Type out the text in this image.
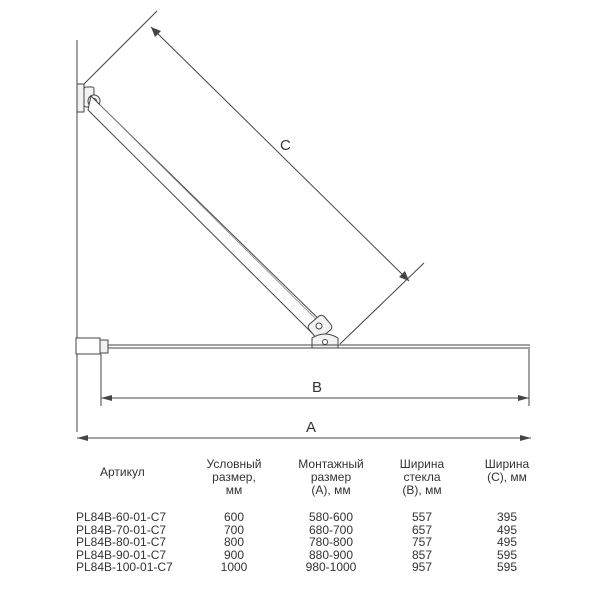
C
B
A
Артикул	Условный
размер,
мм	Монтажный
размер
(А), мм	Ширина
стекла
(В), мм	Ширина
(С), мм

PL84B-60-01-C7	600	580-600	557	395
PL84B-70-01-C7	700	680-700	657	495
PL84B-80-01-C7	800	780-800	757	495
PL84B-90-01-C7	900	880-900	857	595
PL84B-100-01-C7	1000	980-1000	957	595
